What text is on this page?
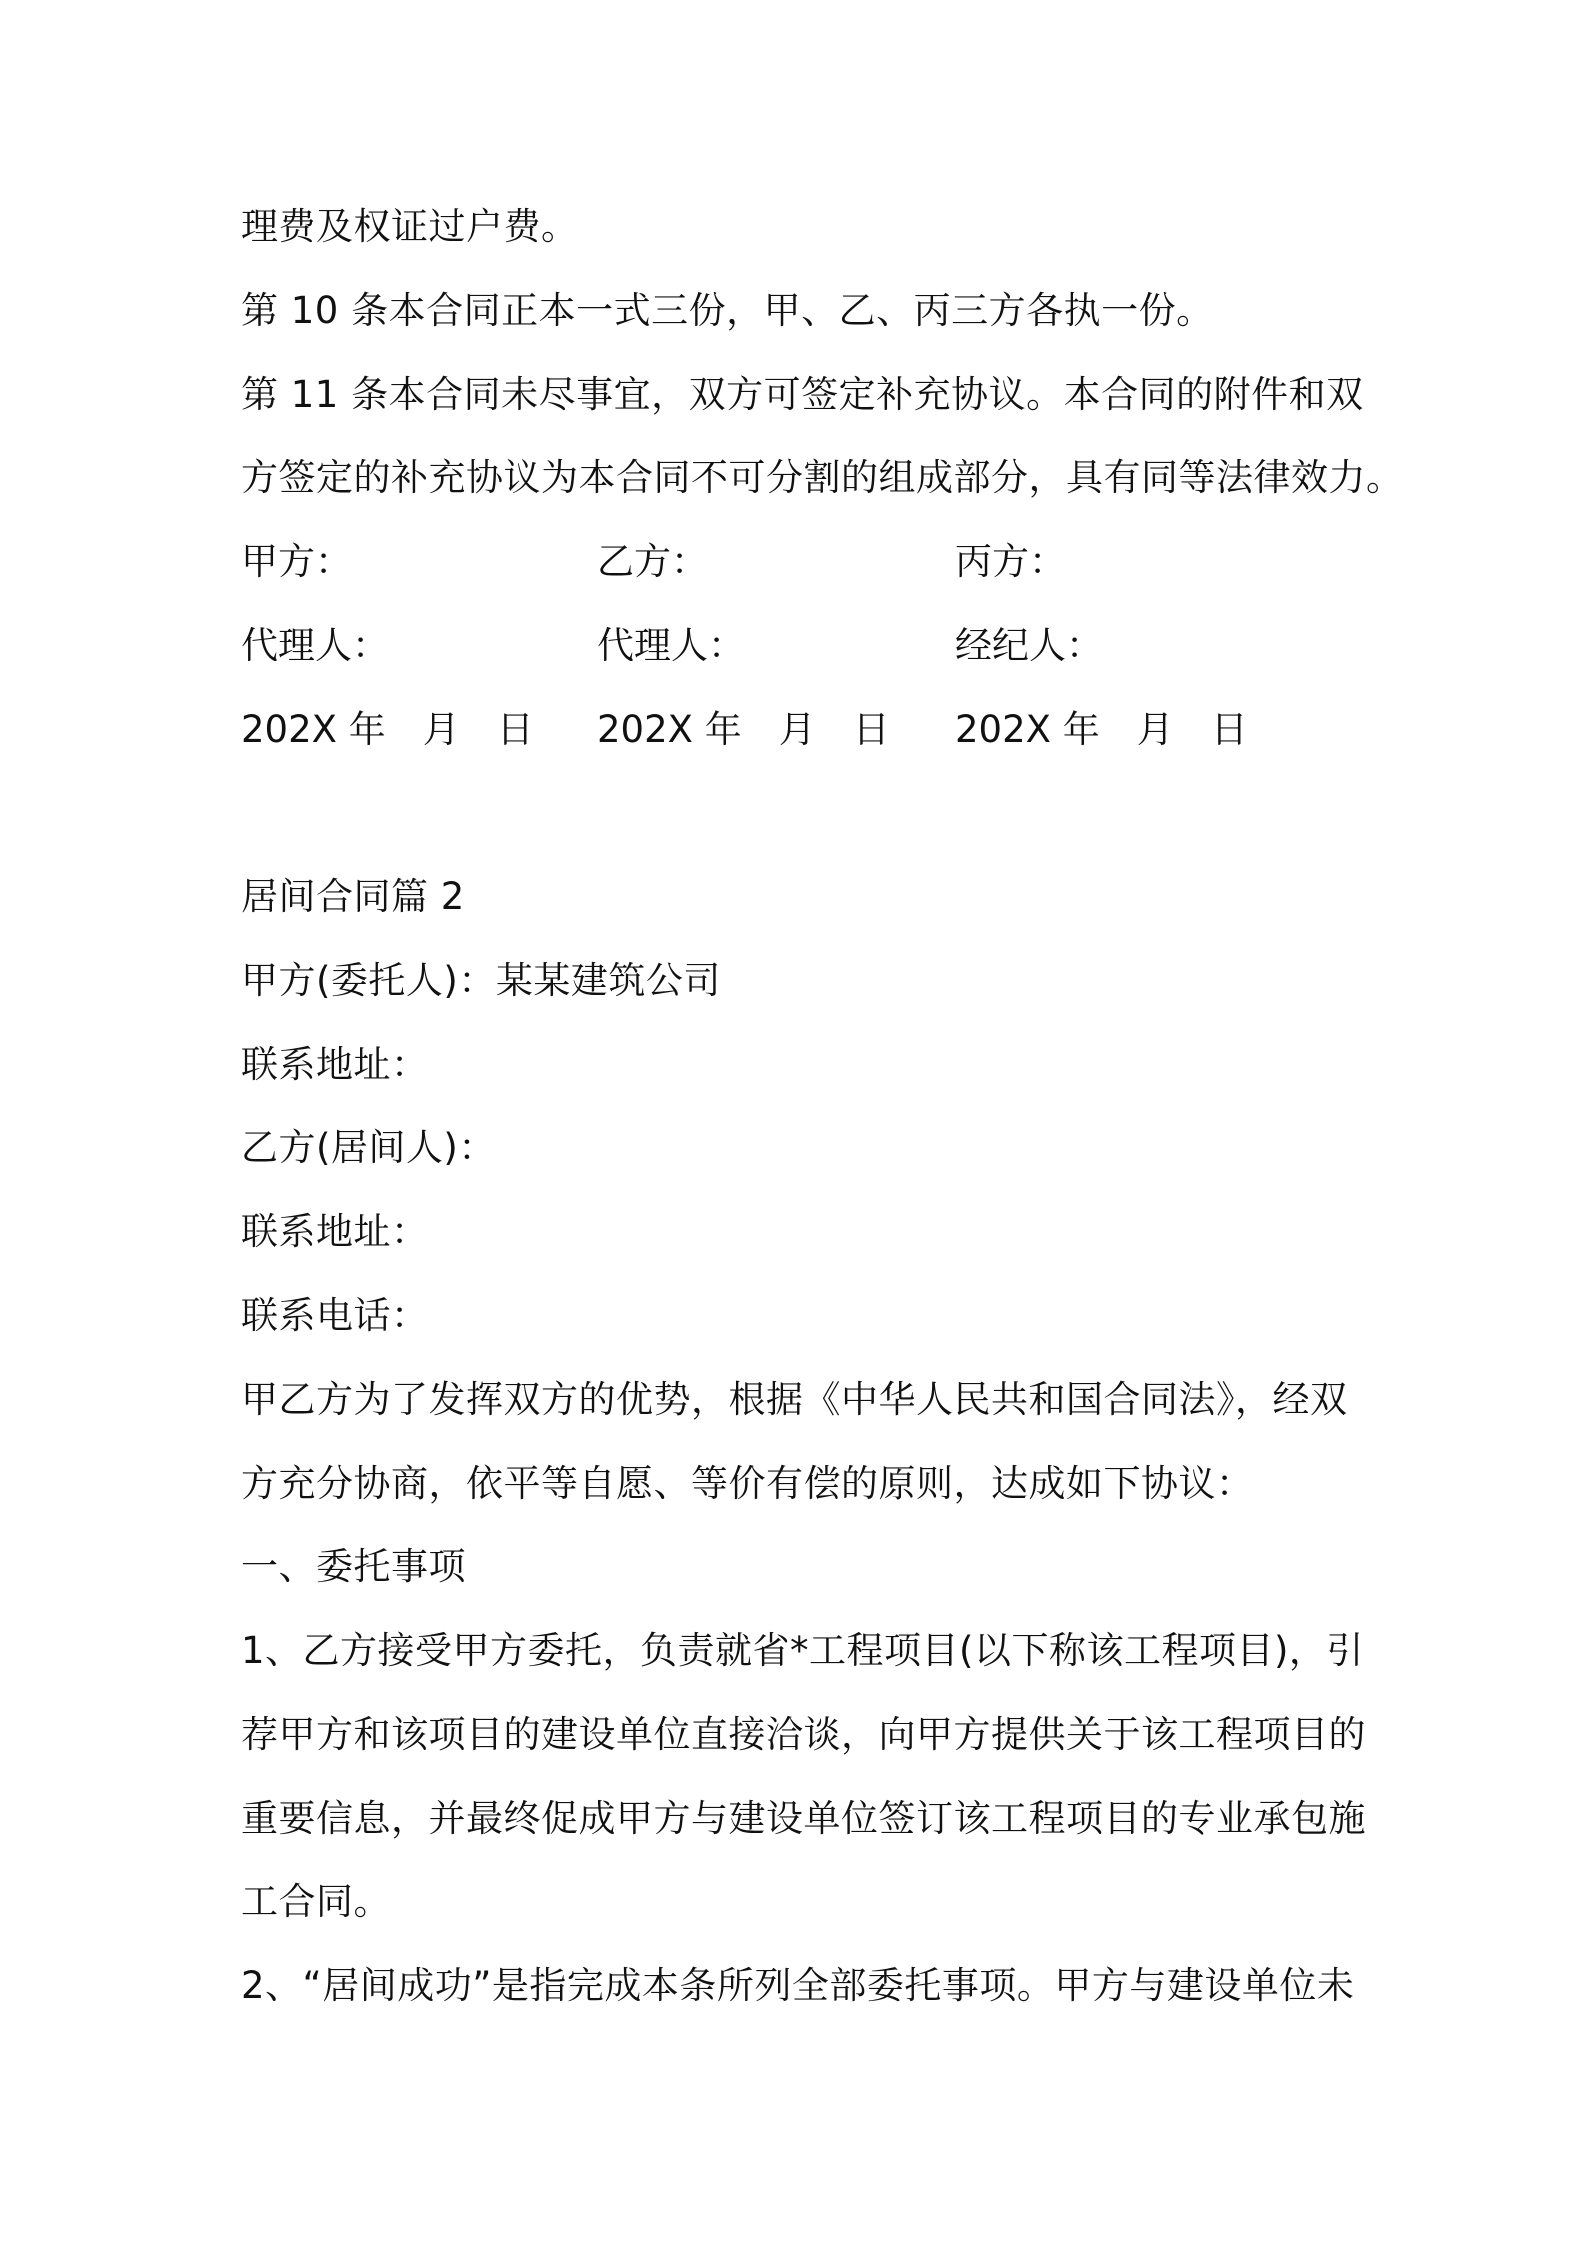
理费及权证过户费。
第 10 条本合同正本一式三份，甲、乙、丙三方各执一份。
第 11 条本合同未尽事宜，双方可签定补充协议。本合同的附件和双
方签定的补充协议为本合同不可分割的组成部分，具有同等法律效力。
甲方：	乙方：	丙方：
代理人：	代理人：	经纪人：
202X 年　月　日 202X 年　月　日 202X 年　月　日
居间合同篇 2
甲方(委托人)：某某建筑公司
联系地址：
乙方(居间人)：
联系地址：
联系电话：
甲乙方为了发挥双方的优势，根据《中华人民共和国合同法》，经双
方充分协商，依平等自愿、等价有偿的原则，达成如下协议：
一、委托事项
1、乙方接受甲方委托，负责就省*工程项目(以下称该工程项目)，引
荐甲方和该项目的建设单位直接洽谈，向甲方提供关于该工程项目的
重要信息，并最终促成甲方与建设单位签订该工程项目的专业承包施
工合同。
2、“居间成功”是指完成本条所列全部委托事项。甲方与建设单位未
